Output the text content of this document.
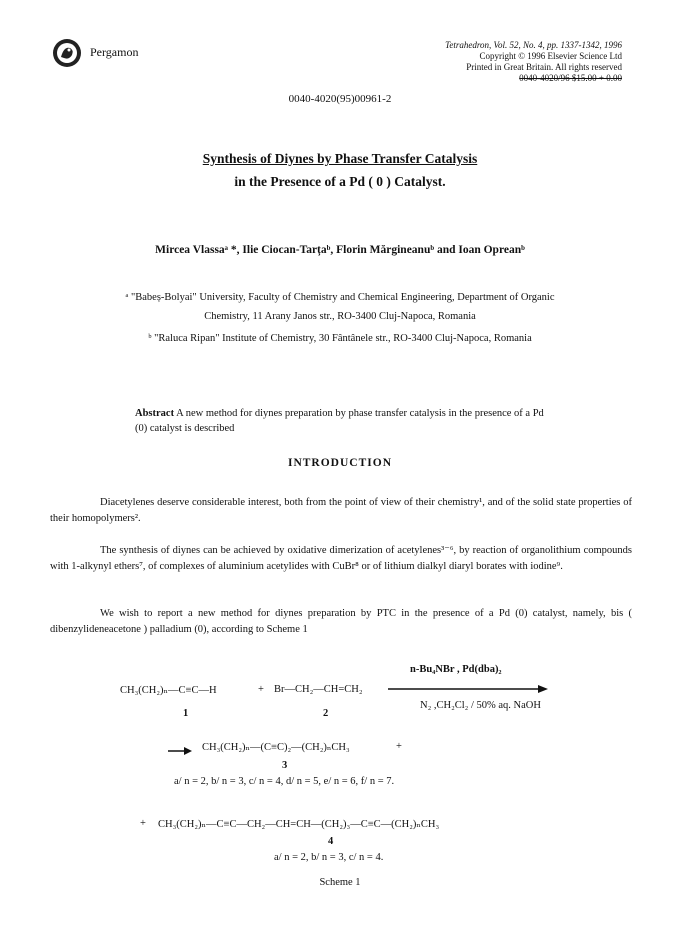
Pergamon	Tetrahedron, Vol. 52, No. 4, pp. 1337-1342, 1996
Copyright © 1996 Elsevier Science Ltd
Printed in Great Britain. All rights reserved
0040-4020/96 $15.00 + 0.00
0040-4020(95)00961-2
Synthesis of Diynes by Phase Transfer Catalysis
in the Presence of a Pd ( 0 ) Catalyst.
Mircea Vlassaᵃ *, Ilie Ciocan-Tarțaᵇ, Florin Mărgineanuᵇ and Ioan Opreanᵇ
ᵃ "Babeș-Bolyai" University, Faculty of Chemistry and Chemical Engineering, Department of Organic
Chemistry, 11 Arany Janos str., RO-3400 Cluj-Napoca, Romania
ᵇ "Raluca Ripan" Institute of Chemistry, 30 Fântânele str., RO-3400 Cluj-Napoca, Romania
Abstract A new method for diynes preparation by phase transfer catalysis in the presence of a Pd (0) catalyst is described
INTRODUCTION
Diacetylenes deserve considerable interest, both from the point of view of their chemistry¹, and of the solid state properties of their homopolymers².
The synthesis of diynes can be achieved by oxidative dimerization of acetylenes³⁻⁶, by reaction of organolithium compounds with 1-alkynyl ethers⁷, of complexes of aluminium acetylides with CuBr⁸ or of lithium dialkyl diaryl borates with iodine⁹.
We wish to report a new method for diynes preparation by PTC in the presence of a Pd (0) catalyst, namely, bis ( dibenzylideneacetone ) palladium (0), according to Scheme 1
CH₃(CH₂)ₙ—C≡C—H	+ Br—CH₂—CH=CH₂
n-Bu₄NBr , Pd(dba)₂
N₂ ,CH₂Cl₂ / 50% aq. NaOH
1	2
CH₃(CH₂)ₙ—(C≡C)₂—(CH₂)ₙCH₃	+
3
a/ n = 2, b/ n = 3, c/ n = 4, d/ n = 5, e/ n = 6, f/ n = 7.
+ CH₃(CH₂)ₙ—C≡C—CH₂—CH=CH—(CH₂)₃—C≡C—(CH₂)ₙCH₃
4
a/ n = 2, b/ n = 3, c/ n = 4.
Scheme 1
